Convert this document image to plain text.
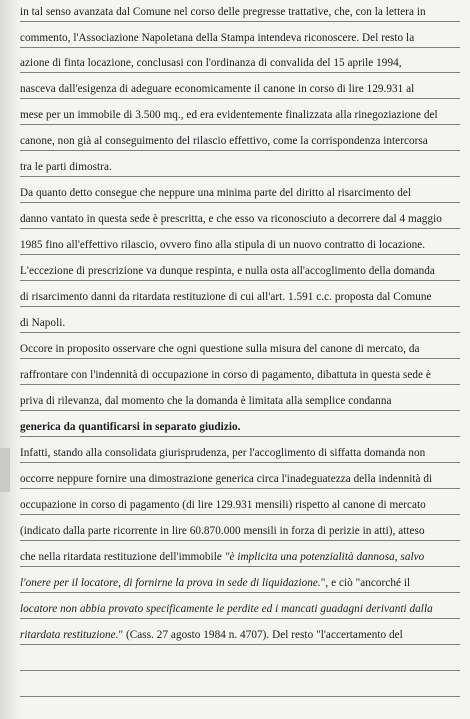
in tal senso avanzata dal Comune nel corso delle pregresse trattative, che, con la lettera in
commento, l'Associazione Napoletana della Stampa intendeva riconoscere. Del resto la
azione di finta locazione, conclusasi con l'ordinanza di convalida del 15 aprile 1994,
nasceva dall'esigenza di adeguare economicamente il canone in corso di lire 129.931 al
mese per un immobile di 3.500 mq., ed era evidentemente finalizzata alla rinegoziazione del
canone, non già al conseguimento del rilascio effettivo, come la corrispondenza intercorsa
tra le parti dimostra.
Da quanto detto consegue che neppure una minima parte del diritto al risarcimento del
danno vantato in questa sede è prescritta, e che esso va riconosciuto a decorrere dal 4 maggio
1985 fino all'effettivo rilascio, ovvero fino alla stipula di un nuovo contratto di locazione.
L'eccezione di prescrizione va dunque respinta, e nulla osta all'accoglimento della domanda
di risarcimento danni da ritardata restituzione di cui all'art. 1.591 c.c. proposta dal Comune
di Napoli.
Occore in proposito osservare che ogni questione sulla misura del canone di mercato, da
raffrontare con l'indennità di occupazione in corso di pagamento, dibattuta in questa sede è
priva di rilevanza, dal momento che la domanda è limitata alla semplice condanna
generica da quantificarsi in separato giudizio.
Infatti, stando alla consolidata giurisprudenza, per l'accoglimento di siffatta domanda non
occorre neppure fornire una dimostrazione generica circa l'inadeguatezza della indennità di
occupazione in corso di pagamento (di lire 129.931 mensili) rispetto al canone di mercato
(indicato dalla parte ricorrente in lire 60.870.000 mensili in forza di perizie in atti), atteso
che nella ritardata restituzione dell'immobile "è implicita una potenzialità dannosa, salvo
l'onere per il locatore, di fornirne la prova in sede di liquidazione.", e ciò "ancorché il
locatore non abbia provato specificamente le perdite ed i mancati guadagni derivanti dalla
ritardata restituzione." (Cass. 27 agosto 1984 n. 4707). Del resto "l'accertamento del
